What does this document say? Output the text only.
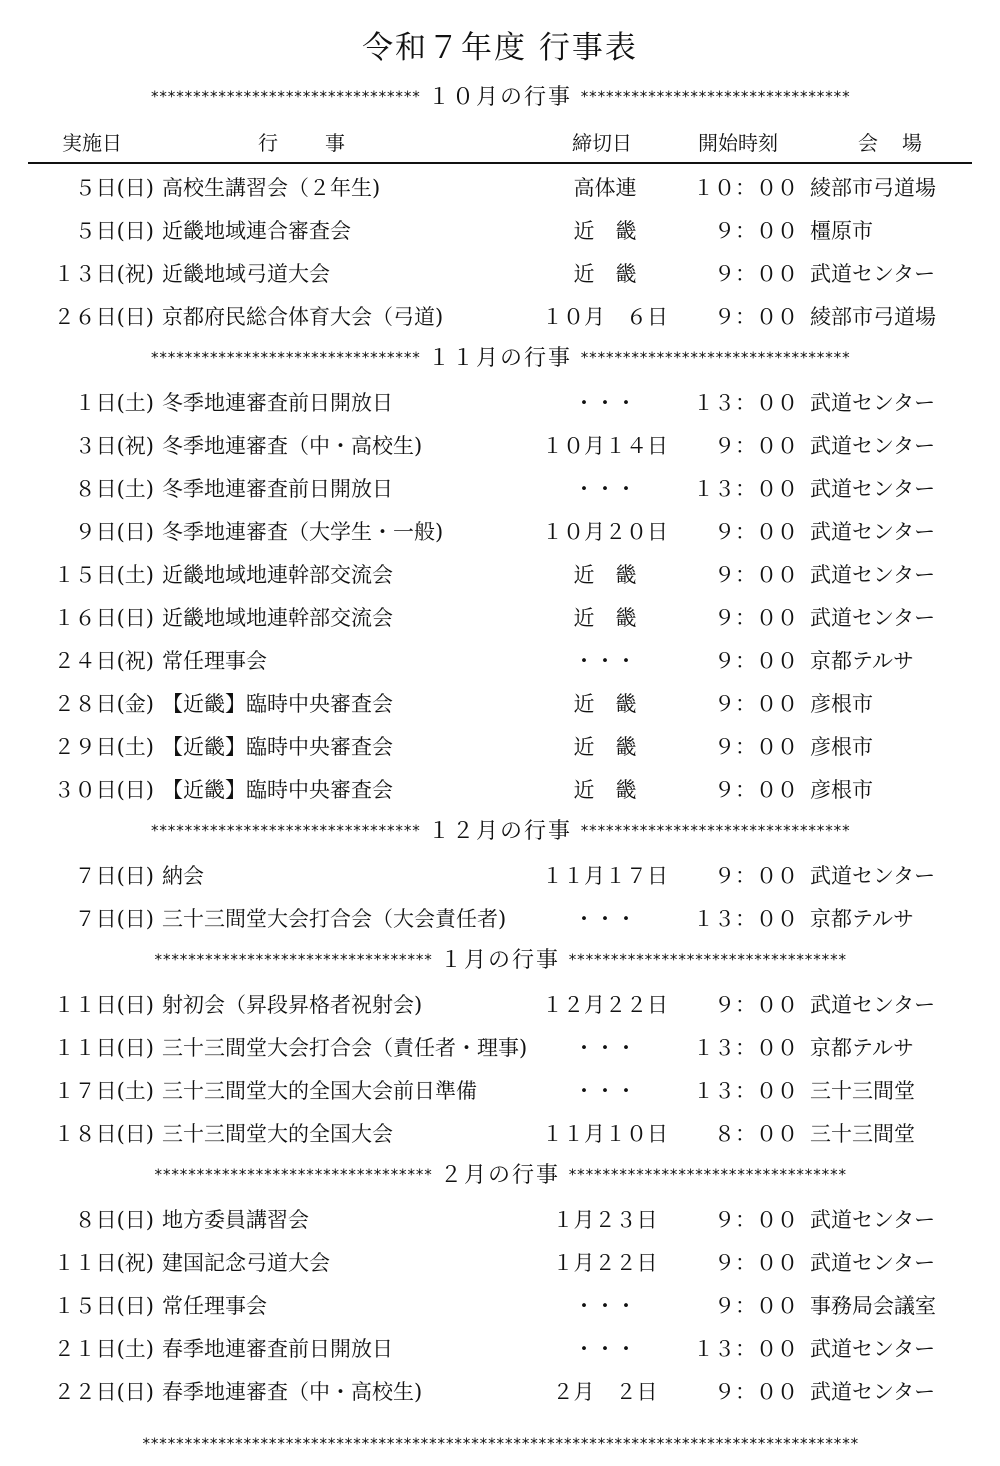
令和７年度 行事表
******************************** １０月の行事 ********************************
実施日	行 事	締切日	開始時刻	会 場
５日(日) 高校生講習会（２年生)	高体連	１０：００ 綾部市弓道場
５日(日) 近畿地域連合審査会	近　畿	９：００ 橿原市
１３日(祝) 近畿地域弓道大会	近　畿	９：００ 武道センター
２６日(日) 京都府民総合体育大会（弓道)	１０月　６日	９：００ 綾部市弓道場
******************************** １１月の行事 ********************************
１日(土) 冬季地連審査前日開放日	・・・	１３：００ 武道センター
３日(祝) 冬季地連審査（中・高校生)	１０月１４日	９：００ 武道センター
８日(土) 冬季地連審査前日開放日	・・・	１３：００ 武道センター
９日(日) 冬季地連審査（大学生・一般)	１０月２０日	９：００ 武道センター
１５日(土) 近畿地域地連幹部交流会	近　畿	９：００ 武道センター
１６日(日) 近畿地域地連幹部交流会	近　畿	９：００ 武道センター
２４日(祝) 常任理事会	・・・	９：００ 京都テルサ
２８日(金) 【近畿】臨時中央審査会	近　畿	９：００ 彦根市
２９日(土) 【近畿】臨時中央審査会	近　畿	９：００ 彦根市
３０日(日) 【近畿】臨時中央審査会	近　畿	９：００ 彦根市
******************************** １２月の行事 ********************************
７日(日) 納会	１１月１７日	９：００ 武道センター
７日(日) 三十三間堂大会打合会（大会責任者)	・・・	１３：００ 京都テルサ
********************************* １月の行事 *********************************
１１日(日) 射初会（昇段昇格者祝射会)	１２月２２日	９：００ 武道センター
１１日(日) 三十三間堂大会打合会（責任者・理事)	・・・	１３：００ 京都テルサ
１７日(土) 三十三間堂大的全国大会前日準備	・・・	１３：００ 三十三間堂
１８日(日) 三十三間堂大的全国大会	１１月１０日	８：００ 三十三間堂
********************************* ２月の行事 *********************************
８日(日) 地方委員講習会	１月２３日	９：００ 武道センター
１１日(祝) 建国記念弓道大会	１月２２日	９：００ 武道センター
１５日(日) 常任理事会	・・・	９：００ 事務局会議室
２１日(土) 春季地連審査前日開放日	・・・	１３：００ 武道センター
２２日(日) 春季地連審査（中・高校生)	２月　２日	９：００ 武道センター
*************************************************************************************
